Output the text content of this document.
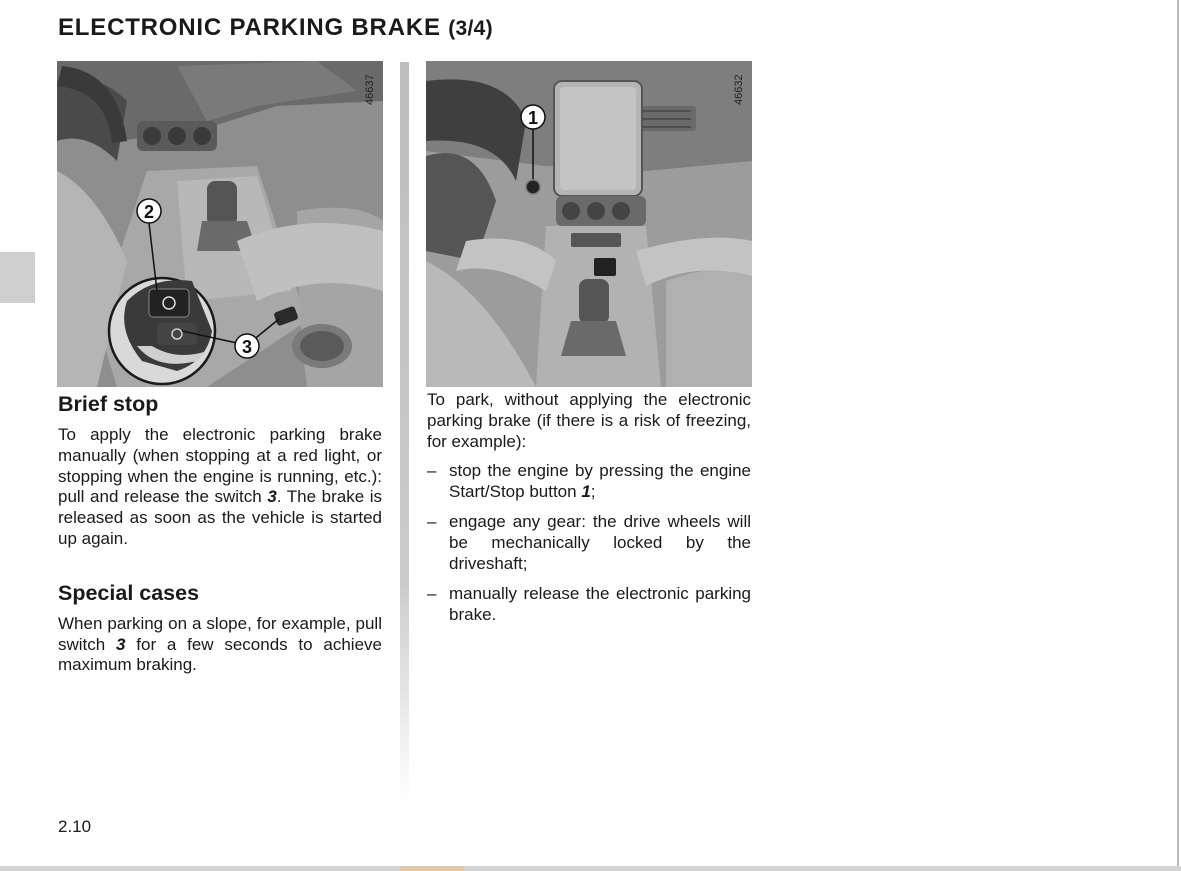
ELECTRONIC PARKING BRAKE (3/4)
2
3
46637
1
46632
Brief stop

To apply the electronic parking brake manually (when stopping at a red light, or stopping when the engine is running, etc.): pull and release the switch 3. The brake is released as soon as the vehicle is started up again.

Special cases

When parking on a slope, for example, pull switch 3 for a few seconds to achieve maximum braking.

To park, without applying the electronic parking brake (if there is a risk of freezing, for example):

– stop the engine by pressing the engine Start/Stop button 1;
– engage any gear: the drive wheels will be mechanically locked by the driveshaft;
– manually release the electronic parking brake.
2.10
